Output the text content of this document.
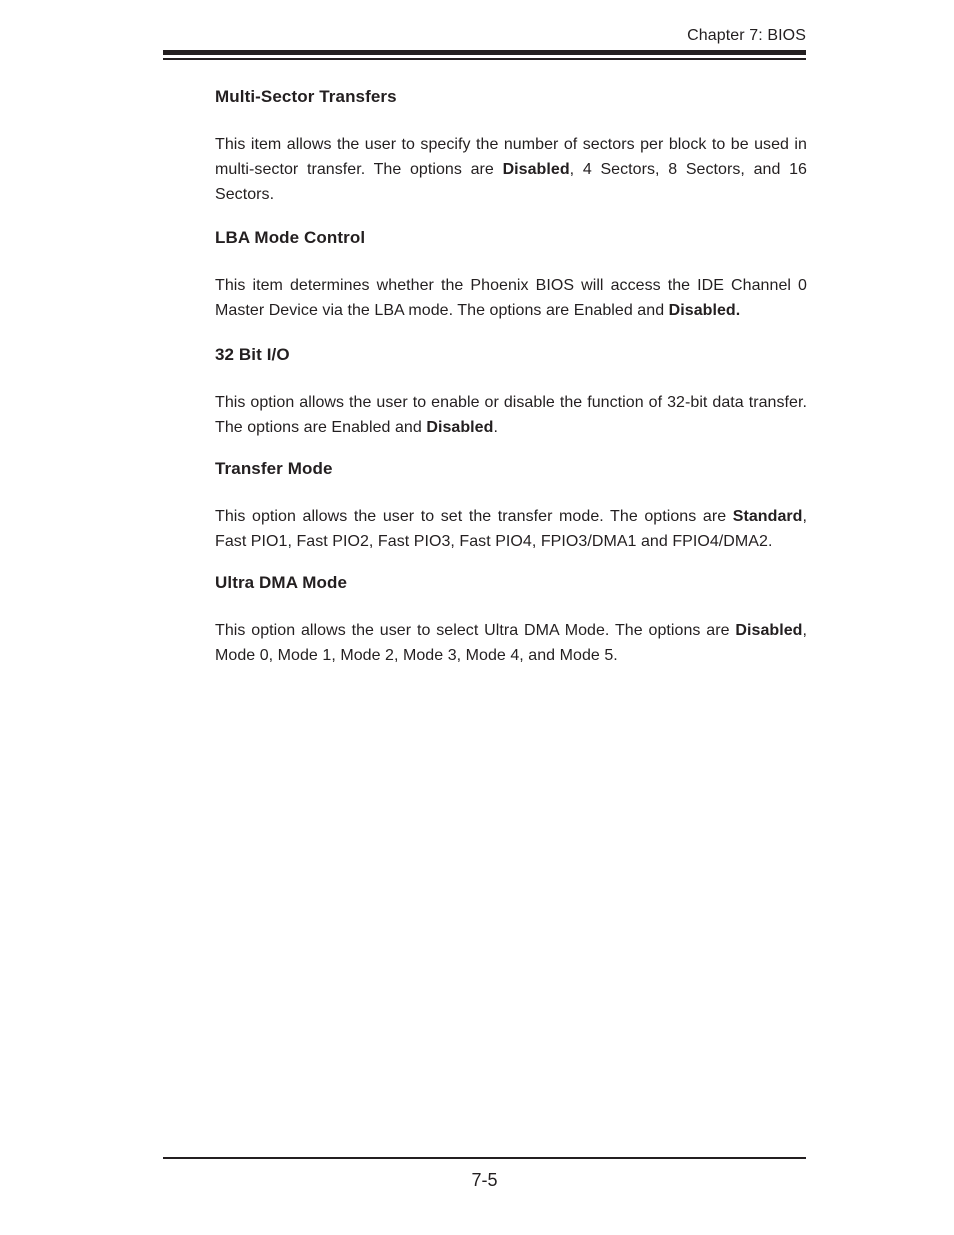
Chapter 7: BIOS
Multi-Sector Transfers

This item allows the user to specify the number of sectors per block to be used in multi-sector transfer. The options are Disabled, 4 Sectors, 8 Sectors, and 16 Sectors.

LBA Mode Control

This item determines whether the Phoenix BIOS will access the IDE Channel 0 Master Device via the LBA mode. The options are Enabled and Disabled.

32 Bit I/O

This option allows the user to enable or disable the function of 32-bit data transfer. The options are Enabled and Disabled.

Transfer Mode

This option allows the user to set the transfer mode. The options are Standard, Fast PIO1, Fast PIO2, Fast PIO3, Fast PIO4, FPIO3/DMA1 and FPIO4/DMA2.

Ultra DMA Mode

This option allows the user to select Ultra DMA Mode. The options are Disabled, Mode 0, Mode 1, Mode 2, Mode 3, Mode 4, and Mode 5.

7-5
